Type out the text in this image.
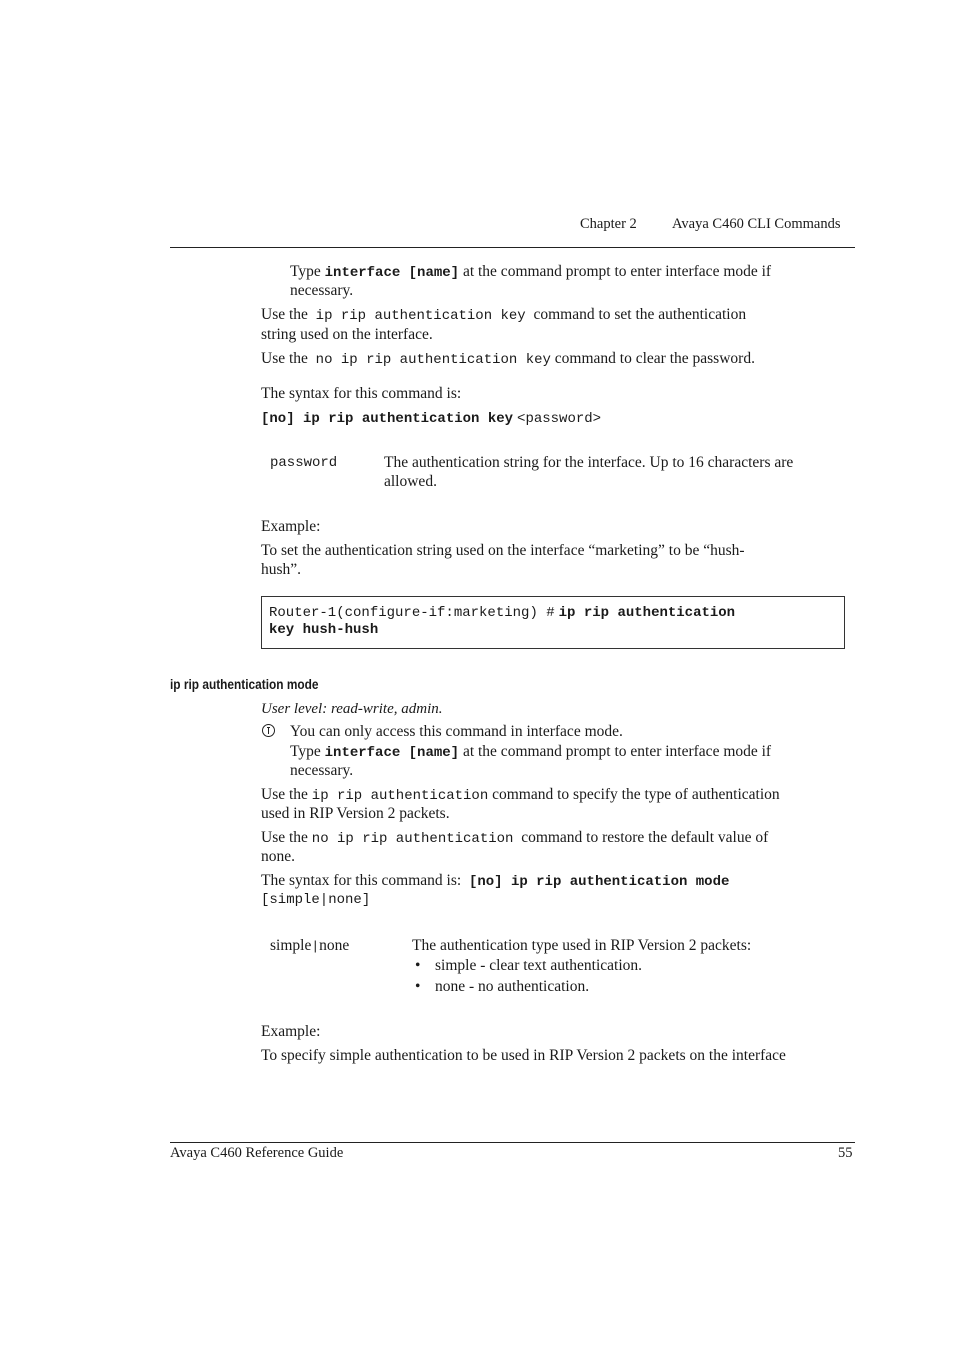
Chapter 2 Avaya C460 CLI Commands
Type interface [name] at the command prompt to enter interface mode if
necessary.
Use the ip rip authentication key command to set the authentication
string used on the interface.
Use the no ip rip authentication key command to clear the password.
The syntax for this command is:
[no] ip rip authentication key <password>
password	The authentication string for the interface. Up to 16 characters are
allowed.
Example:
To set the authentication string used on the interface “marketing” to be “hush-
hush”.
Router-1(configure-if:marketing) # ip rip authentication
key hush-hush
ip rip authentication mode
User level: read-write, admin.
You can only access this command in interface mode.
Type interface [name] at the command prompt to enter interface mode if
necessary.
Use the ip rip authentication command to specify the type of authentication
used in RIP Version 2 packets.
Use the no ip rip authentication command to restore the default value of
none.
The syntax for this command is: [no] ip rip authentication mode
[simple|none]
simple|none	The authentication type used in RIP Version 2 packets:
• simple - clear text authentication.
• none - no authentication.
Example:
To specify simple authentication to be used in RIP Version 2 packets on the interface
Avaya C460 Reference Guide	55
